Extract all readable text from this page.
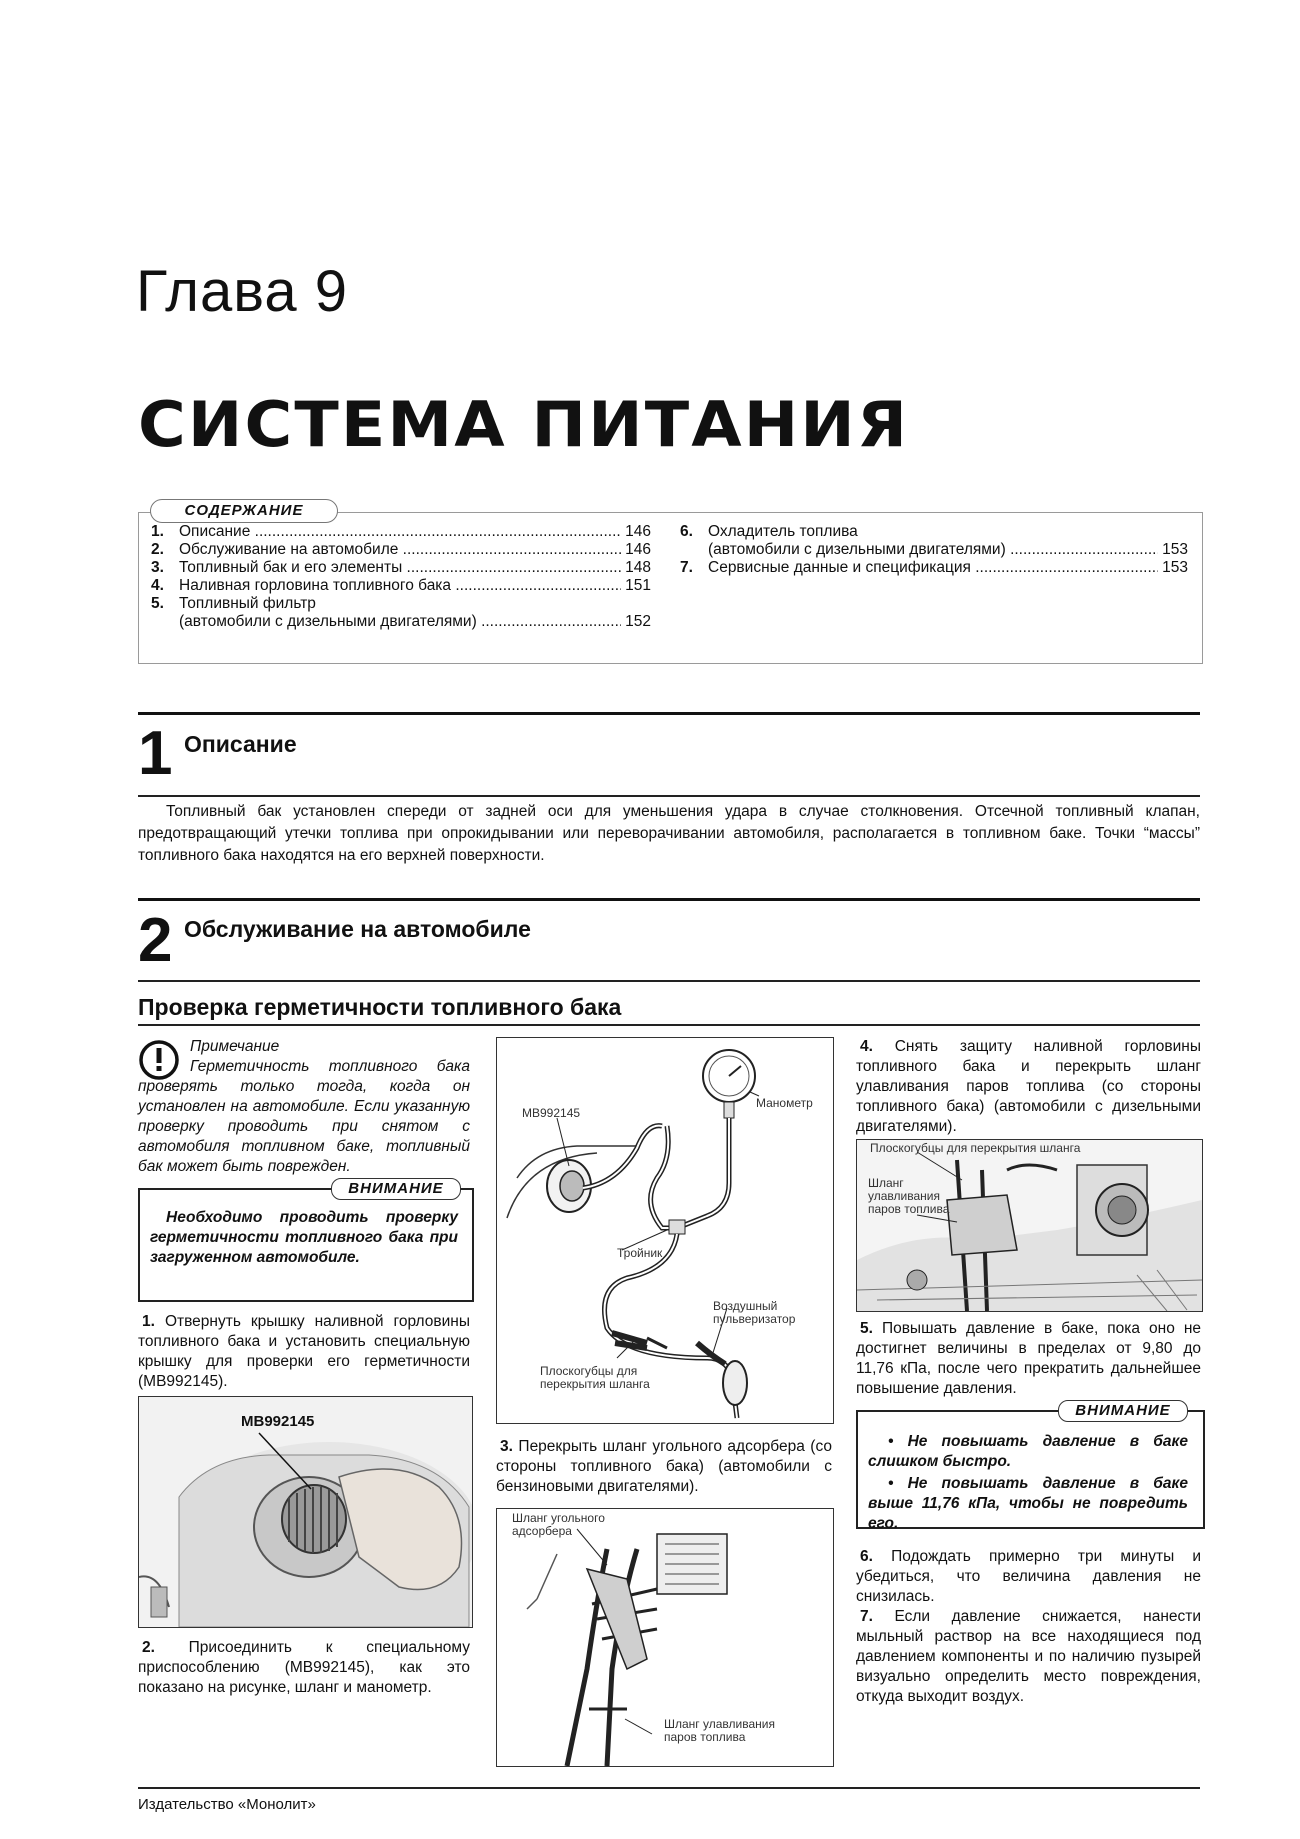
Глава 9
СИСТЕМА ПИТАНИЯ
СОДЕРЖАНИЕ
1. Описание .....	146
2. Обслуживание на автомобиле .....	146
3. Топливный бак и его элементы .....	148
4. Наливная горловина топливного бака .....	151
5. Топливный фильтр
(автомобили с дизельными двигателями) .....	152
6. Охладитель топлива
(автомобили с дизельными двигателями) .....	153
7. Сервисные данные и спецификация .....	153
1 Описание
Топливный бак установлен спереди от задней оси для уменьшения удара в случае столкновения. Отсечной топливный клапан, предотвращающий утечки топлива при опрокидывании или переворачивании автомобиля, располагается в топливном баке. Точки “массы” топливного бака находятся на его верхней поверхности.
2 Обслуживание на автомобиле
Проверка герметичности топливного бака
Примечание
Герметичность топливного бака проверять только тогда, когда он установлен на автомобиле. Если указанную проверку проводить при снятом с автомобиля топливном баке, топливный бак может быть поврежден.
ВНИМАНИЕ
Необходимо проводить проверку герметичности топливного бака при загруженном автомобиле.
1. Отвернуть крышку наливной горловины топливного бака и установить специальную крышку для проверки его герметичности (MB992145).
MB992145
2. Присоединить к специальному приспособлению (MB992145), как это показано на рисунке, шланг и манометр.
MB992145
Манометр
Тройник
Воздушный пульверизатор
Плоскогубцы для перекрытия шланга
3. Перекрыть шланг угольного адсорбера (со стороны топливного бака) (автомобили с бензиновыми двигателями).
Шланг угольного адсорбера
Шланг улавливания паров топлива
4. Снять защиту наливной горловины топливного бака и перекрыть шланг улавливания паров топлива (со стороны топливного бака) (автомобили с дизельными двигателями).
Плоскогубцы для перекрытия шланга
Шланг улавливания паров топлива
5. Повышать давление в баке, пока оно не достигнет величины в пределах от 9,80 до 11,76 кПа, после чего прекратить дальнейшее повышение давления.
ВНИМАНИЕ
• Не повышать давление в баке слишком быстро.
• Не повышать давление в баке выше 11,76 кПа, чтобы не повредить его.
6. Подождать примерно три минуты и убедиться, что величина давления не снизилась.
7. Если давление снижается, нанести мыльный раствор на все находящиеся под давлением компоненты и по наличию пузырей визуально определить место повреждения, откуда выходит воздух.
Издательство «Монолит»
